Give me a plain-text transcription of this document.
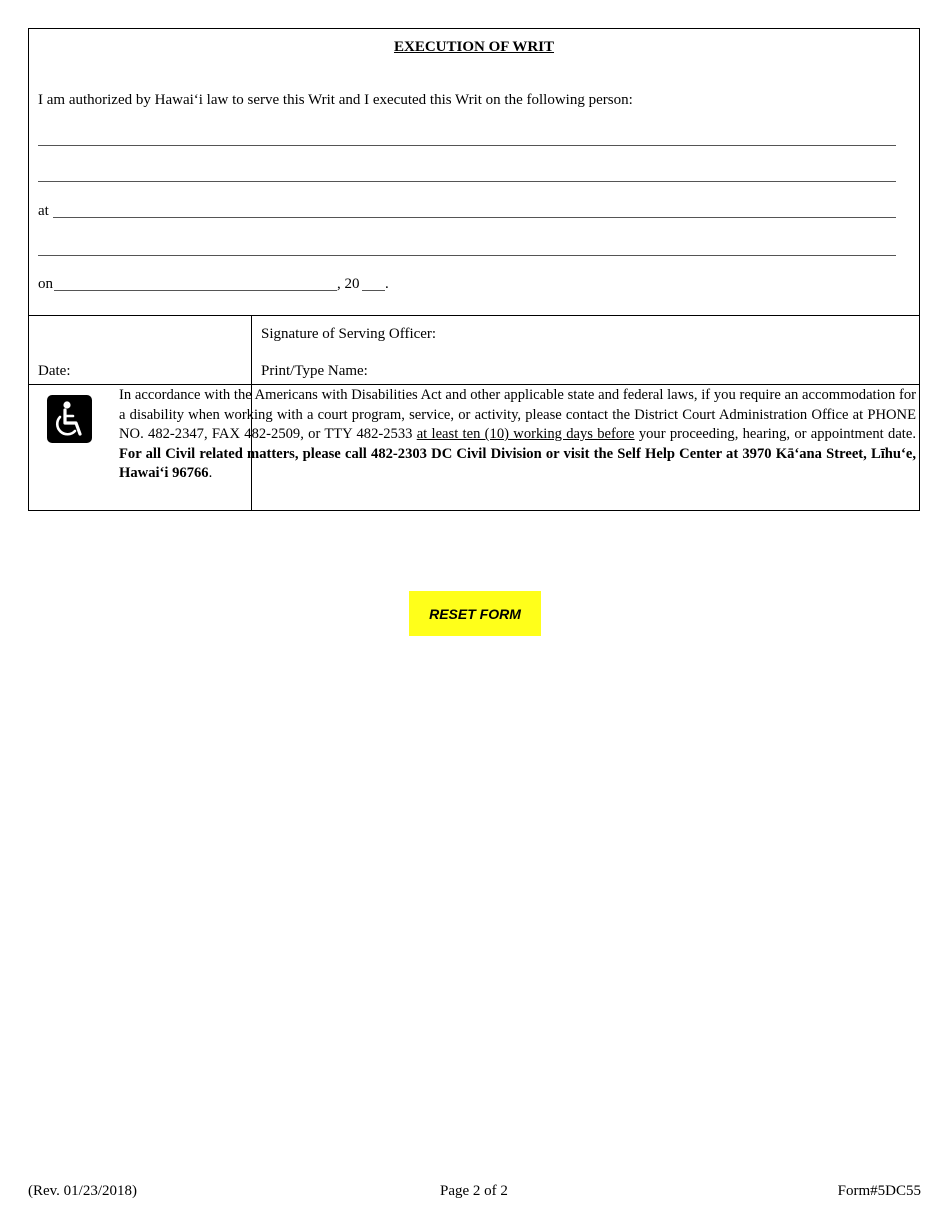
EXECUTION OF WRIT
I am authorized by Hawai‘i law to serve this Writ and I executed this Writ on the following person:
at
on	, 20 .
Signature of Serving Officer:
Date:	Print/Type Name:
In accordance with the Americans with Disabilities Act and other applicable state and federal laws, if you require an accommodation for a disability when working with a court program, service, or activity, please contact the District Court Administration Office at PHONE NO. 482-2347, FAX 482-2509, or TTY 482-2533 at least ten (10) working days before your proceeding, hearing, or appointment date. For all Civil related matters, please call 482-2303 DC Civil Division or visit the Self Help Center at 3970 Kā‘ana Street, Līhu‘e, Hawai‘i 96766.
RESET FORM
(Rev. 01/23/2018)	Page 2 of 2	Form#5DC55
